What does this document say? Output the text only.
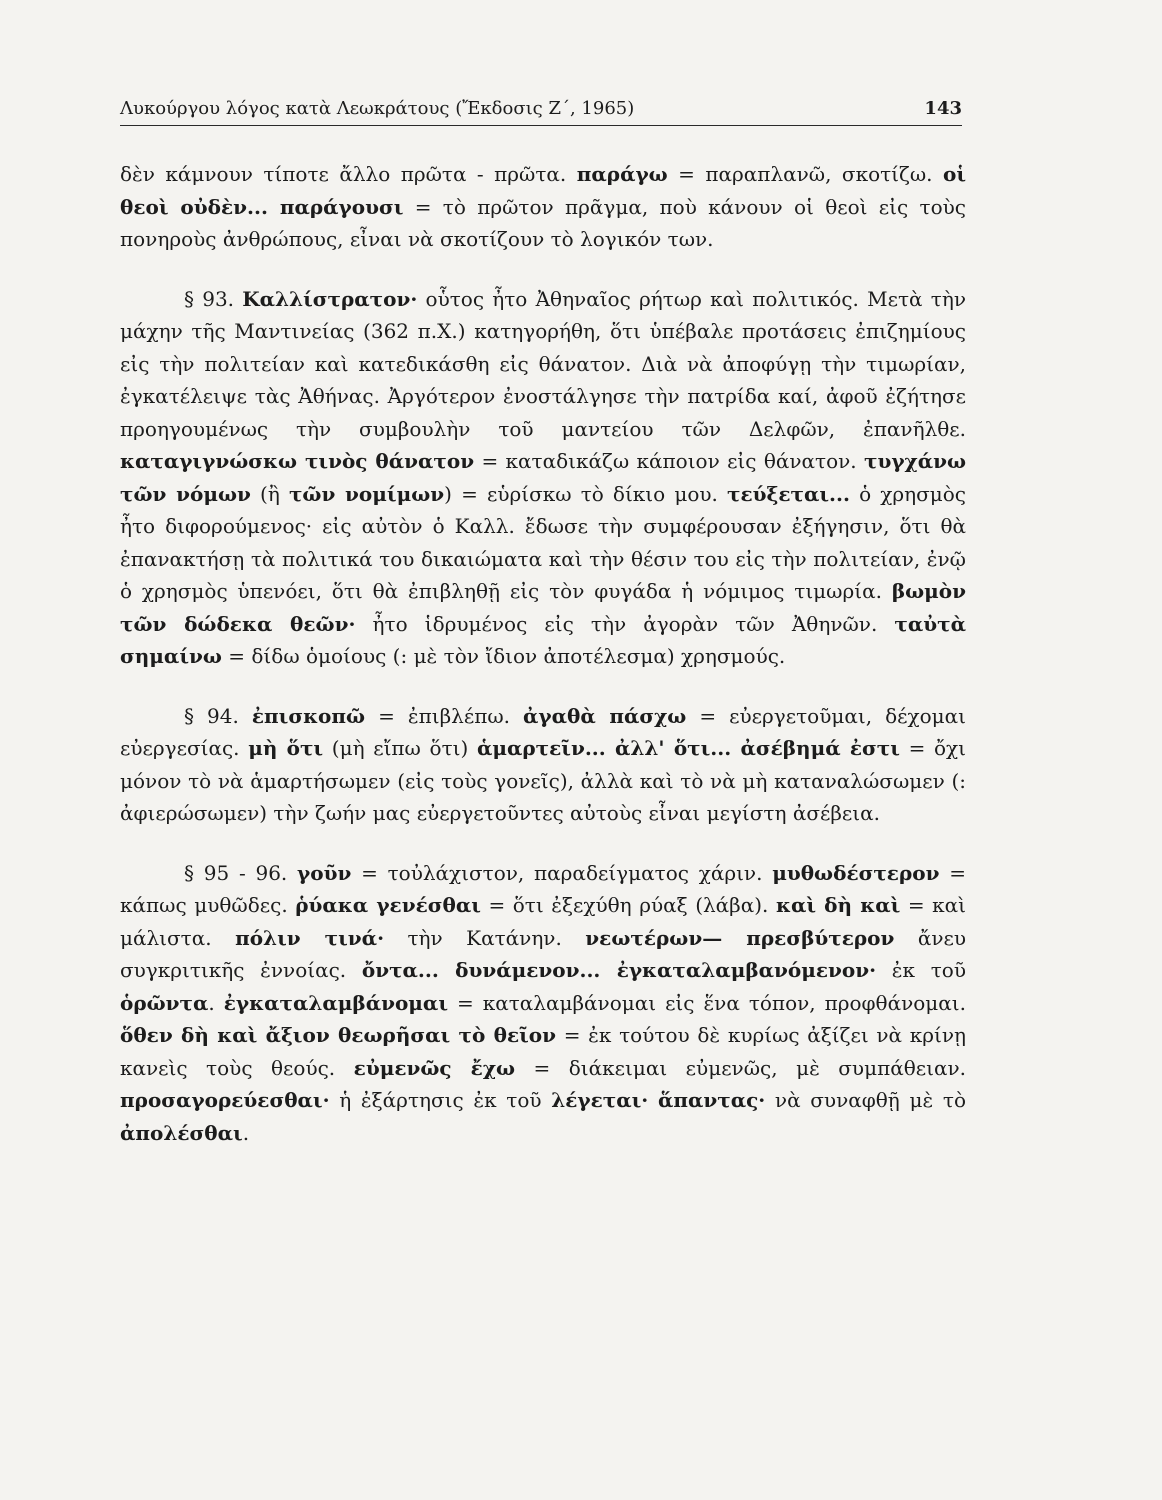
Λυκούργου λόγος κατὰ Λεωκράτους (Ἔκδοσις Ζ΄, 1965)	143

δὲν κάμνουν τίποτε ἄλλο πρῶτα - πρῶτα. παράγω = παραπλανῶ, σκοτίζω. οἱ θεοὶ οὐδὲν... παράγουσι = τὸ πρῶτον πρᾶγμα, ποὺ κάνουν οἱ θεοὶ εἰς τοὺς πονηροὺς ἀνθρώπους, εἶναι νὰ σκοτίζουν τὸ λογικόν των.

§ 93. Καλλίστρατον· οὗτος ἦτο Ἀθηναῖος ρήτωρ καὶ πολιτικός. Μετὰ τὴν μάχην τῆς Μαντινείας (362 π.Χ.) κατηγορήθη, ὅτι ὑπέβαλε προτάσεις ἐπιζημίους εἰς τὴν πολιτείαν καὶ κατεδικάσθη εἰς θάνατον. Διὰ νὰ ἀποφύγῃ τὴν τιμωρίαν, ἐγκατέλειψε τὰς Ἀθήνας. Ἀργότερον ἐνοστάλγησε τὴν πατρίδα καί, ἀφοῦ ἐζήτησε προηγουμένως τὴν συμβουλὴν τοῦ μαντείου τῶν Δελφῶν, ἐπανῆλθε. καταγιγνώσκω τινὸς θάνατον = καταδικάζω κάποιον εἰς θάνατον. τυγχάνω τῶν νόμων (ἢ τῶν νομίμων) = εὑρίσκω τὸ δίκιο μου. τεύξεται... ὁ χρησμὸς ἦτο διφορούμενος· εἰς αὐτὸν ὁ Καλλ. ἔδωσε τὴν συμφέρουσαν ἐξήγησιν, ὅτι θὰ ἐπανακτήσῃ τὰ πολιτικά του δικαιώματα καὶ τὴν θέσιν του εἰς τὴν πολιτείαν, ἐνῷ ὁ χρησμὸς ὑπενόει, ὅτι θὰ ἐπιβληθῇ εἰς τὸν φυγάδα ἡ νόμιμος τιμωρία. βωμὸν τῶν δώδεκα θεῶν· ἦτο ἱδρυμένος εἰς τὴν ἀγορὰν τῶν Ἀθηνῶν. ταὐτὰ σημαίνω = δίδω ὁμοίους (: μὲ τὸν ἴδιον ἀποτέλεσμα) χρησμούς.

§ 94. ἐπισκοπῶ = ἐπιβλέπω. ἀγαθὰ πάσχω = εὐεργετοῦμαι, δέχομαι εὐεργεσίας. μὴ ὅτι (μὴ εἴπω ὅτι) ἁμαρτεῖν... ἀλλ' ὅτι... ἀσέβημά ἐστι = ὄχι μόνον τὸ νὰ ἁμαρτήσωμεν (εἰς τοὺς γονεῖς), ἀλλὰ καὶ τὸ νὰ μὴ καταναλώσωμεν (: ἀφιερώσωμεν) τὴν ζωήν μας εὐεργετοῦντες αὐτοὺς εἶναι μεγίστη ἀσέβεια.

§ 95 - 96. γοῦν = τοὐλάχιστον, παραδείγματος χάριν. μυθωδέστερον = κάπως μυθῶδες. ῥύακα γενέσθαι = ὅτι ἐξεχύθη ρύαξ (λάβα). καὶ δὴ καὶ = καὶ μάλιστα. πόλιν τινά· τὴν Κατάνην. νεωτέρων— πρεσβύτερον ἄνευ συγκριτικῆς ἐννοίας. ὄντα... δυνάμενον... ἐγκαταλαμβανόμενον· ἐκ τοῦ ὁρῶντα. ἐγκαταλαμβάνομαι = καταλαμβάνομαι εἰς ἕνα τόπον, προφθάνομαι. ὅθεν δὴ καὶ ἄξιον θεωρῆσαι τὸ θεῖον = ἐκ τούτου δὲ κυρίως ἀξίζει νὰ κρίνῃ κανεὶς τοὺς θεούς. εὐμενῶς ἔχω = διάκειμαι εὐμενῶς, μὲ συμπάθειαν. προσαγορεύεσθαι· ἡ ἐξάρτησις ἐκ τοῦ λέγεται· ἅπαντας· νὰ συναφθῇ μὲ τὸ ἀπολέσθαι.
